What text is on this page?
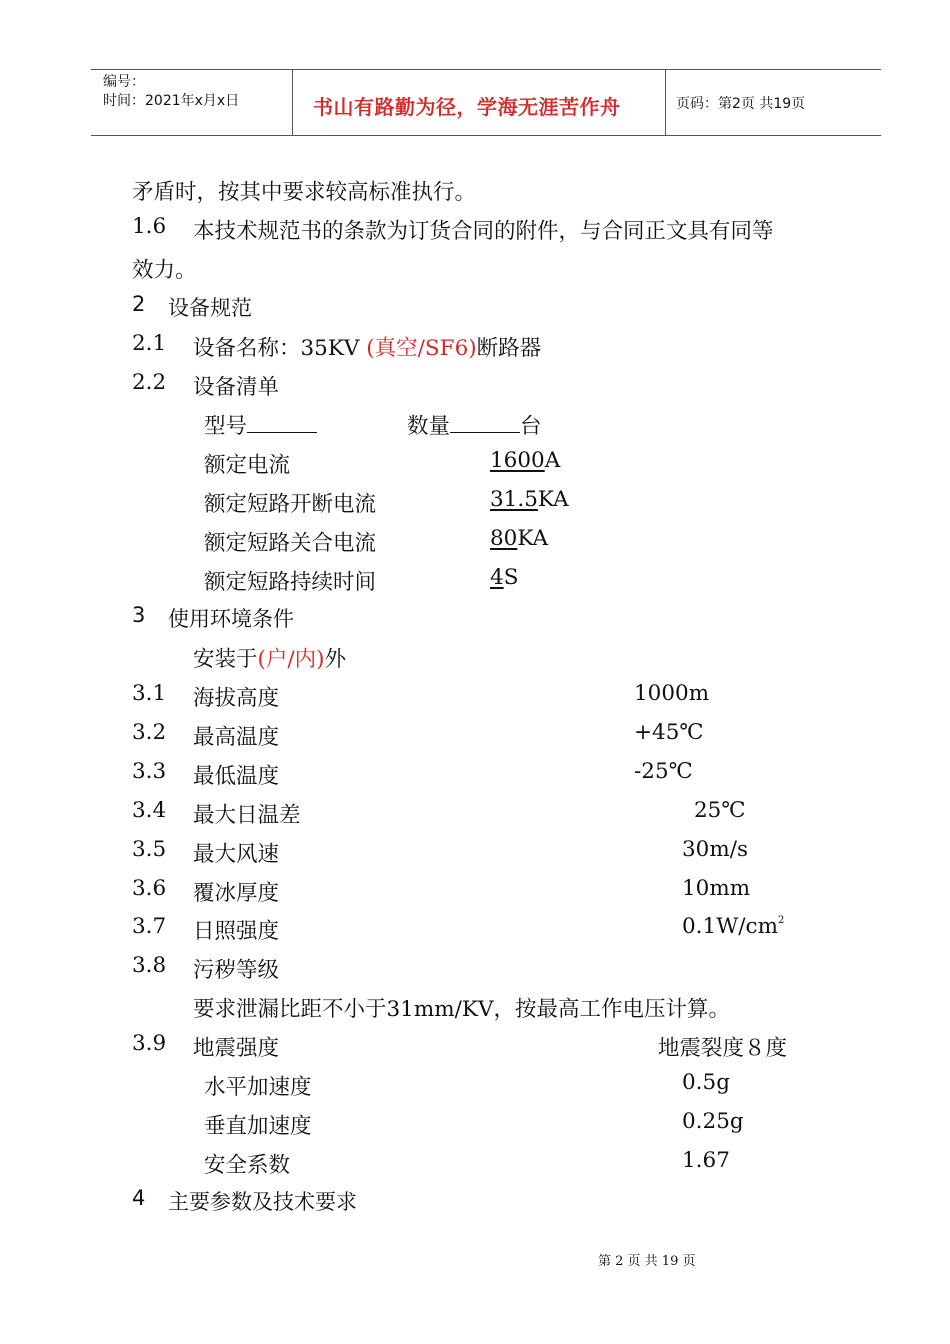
编号：
时间：2021年x月x日	书山有路勤为径，学海无涯苦作舟	页码：第2页 共19页
矛盾时，按其中要求较高标准执行。
1.6 本技术规范书的条款为订货合同的附件，与合同正文具有同等
效力。
2 设备规范
2.1 设备名称：35KV (真空/SF6)断路器
2.2 设备清单
型号	数量	台
额定电流	1600A
额定短路开断电流	31.5KA
额定短路关合电流	80KA
额定短路持续时间	4S
3 使用环境条件
安装于(户/内)外
3.1 海拔高度	1000m
3.2 最高温度	+45℃
3.3 最低温度	-25℃
3.4 最大日温差	25℃
3.5 最大风速	30m/s
3.6 覆冰厚度	10mm
3.7 日照强度	$0.1W/cm^2$
3.8 污秽等级
要求泄漏比距不小于31mm/KV，按最高工作电压计算。
3.9 地震强度	地震裂度８度
水平加速度	0.5g
垂直加速度	0.25g
安全系数	1.67
4 主要参数及技术要求
第 2 页 共 19 页
